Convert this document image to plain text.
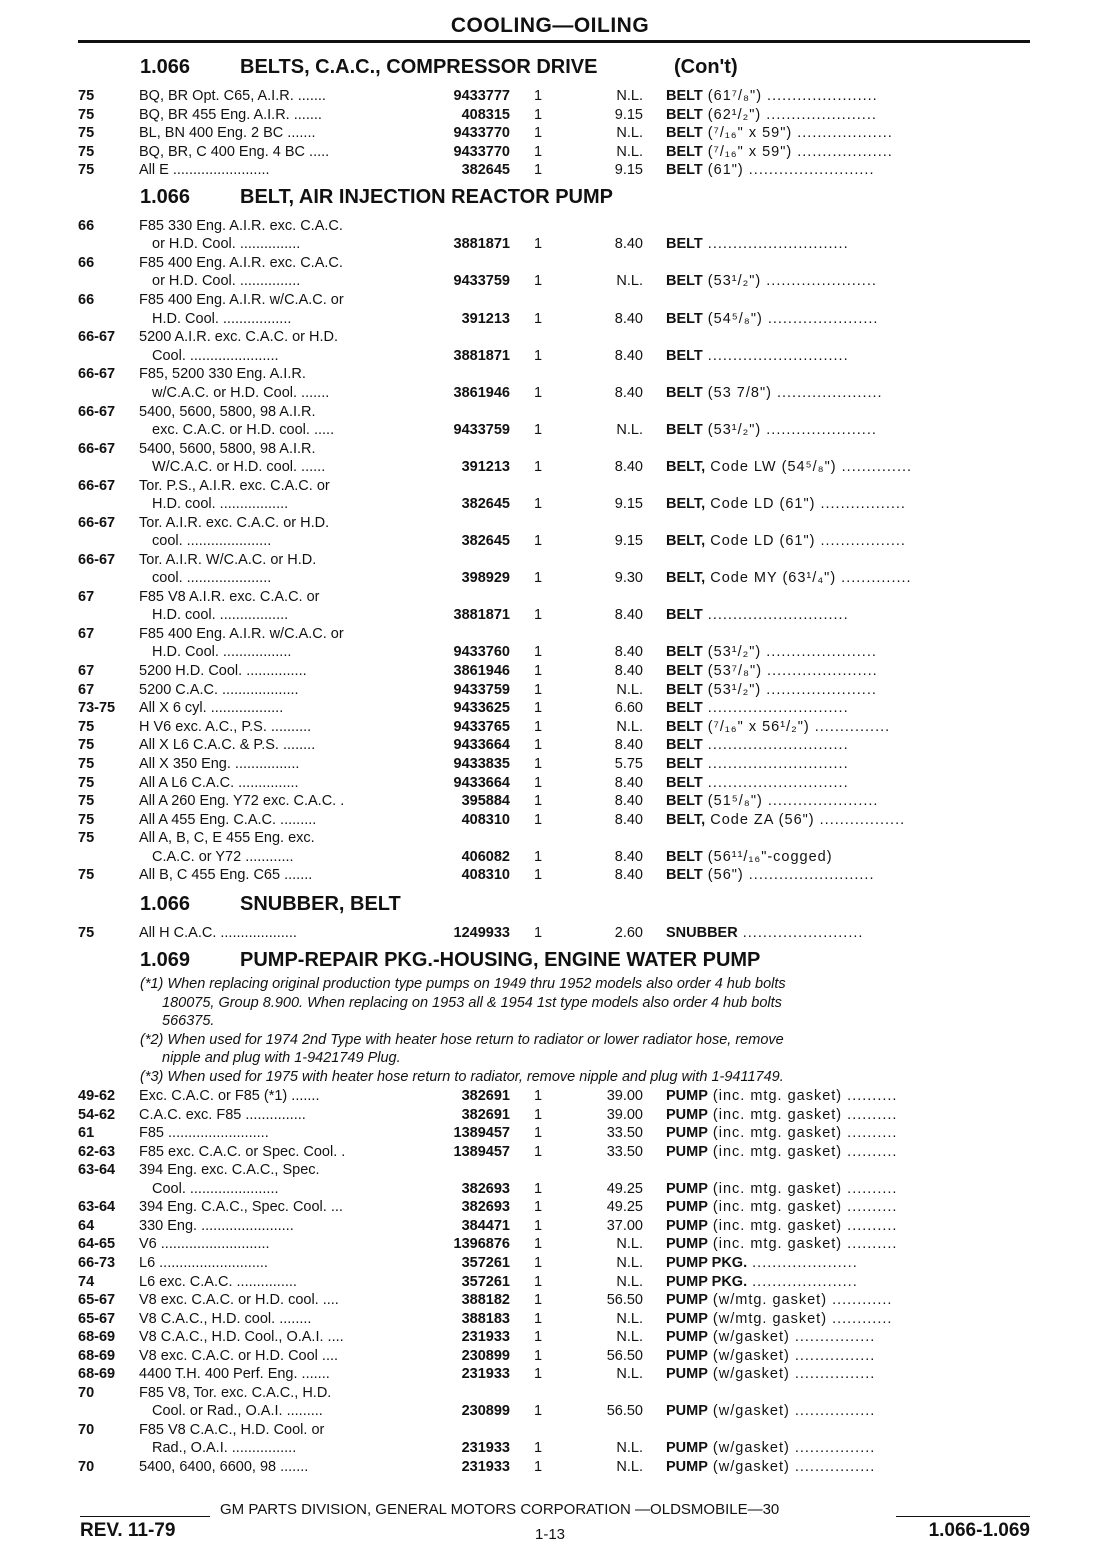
COOLING—OILING
1.066 BELTS, C.A.C., COMPRESSOR DRIVE	(Con't)
75	BQ, BR Opt. C65, A.I.R. .......	9433777 1	N.L. BELT (61⁷/₈") ......................
75	BQ, BR 455 Eng. A.I.R. .......	408315 1	9.15 BELT (62¹/₂") ......................
75	BL, BN 400 Eng. 2 BC .......	9433770 1	N.L. BELT (⁷/₁₆" x 59") ...................
75	BQ, BR, C 400 Eng. 4 BC .....	9433770 1	N.L. BELT (⁷/₁₆" x 59") ...................
75	All E ........................	382645 1	9.15 BELT (61") .........................
1.066 BELT, AIR INJECTION REACTOR PUMP
66	F85 330 Eng. A.I.R. exc. C.A.C.
or H.D. Cool. ...............	3881871 1	8.40 BELT ............................
66	F85 400 Eng. A.I.R. exc. C.A.C.
or H.D. Cool. ...............	9433759 1	N.L. BELT (53¹/₂") ......................
66	F85 400 Eng. A.I.R. w/C.A.C. or
H.D. Cool. .................	391213 1	8.40 BELT (54⁵/₈") ......................
66-67 5200 A.I.R. exc. C.A.C. or H.D.
Cool. ......................	3881871 1	8.40 BELT ............................
66-67 F85, 5200 330 Eng. A.I.R.
w/C.A.C. or H.D. Cool. .......	3861946 1	8.40 BELT (53 7/8") .....................
66-67 5400, 5600, 5800, 98 A.I.R.
exc. C.A.C. or H.D. cool. .....	9433759 1	N.L. BELT (53¹/₂") ......................
66-67 5400, 5600, 5800, 98 A.I.R.
W/C.A.C. or H.D. cool. ......	391213 1	8.40 BELT, Code LW (54⁵/₈") ..............
66-67 Tor. P.S., A.I.R. exc. C.A.C. or
H.D. cool. .................	382645 1	9.15 BELT, Code LD (61") .................
66-67 Tor. A.I.R. exc. C.A.C. or H.D.
cool. .....................	382645 1	9.15 BELT, Code LD (61") .................
66-67 Tor. A.I.R. W/C.A.C. or H.D.
cool. .....................	398929 1	9.30 BELT, Code MY (63¹/₄") ..............
67	F85 V8 A.I.R. exc. C.A.C. or
H.D. cool. .................	3881871 1	8.40 BELT ............................
67	F85 400 Eng. A.I.R. w/C.A.C. or
H.D. Cool. .................	9433760 1	8.40 BELT (53¹/₂") ......................
67	5200 H.D. Cool. ...............	3861946 1	8.40 BELT (53⁷/₈") ......................
67	5200 C.A.C. ...................	9433759 1	N.L. BELT (53¹/₂") ......................
73-75 All X 6 cyl. ..................	9433625 1	6.60 BELT ............................
75	H V6 exc. A.C., P.S. ..........	9433765 1	N.L. BELT (⁷/₁₆" x 56¹/₂") ...............
75	All X L6 C.A.C. & P.S. ........	9433664 1	8.40 BELT ............................
75	All X 350 Eng. ................	9433835 1	5.75 BELT ............................
75	All A L6 C.A.C. ...............	9433664 1	8.40 BELT ............................
75	All A 260 Eng. Y72 exc. C.A.C. .	395884 1	8.40 BELT (51⁵/₈") ......................
75	All A 455 Eng. C.A.C. .........	408310 1	8.40 BELT, Code ZA (56") .................
75	All A, B, C, E 455 Eng. exc.
C.A.C. or Y72 ............	406082 1	8.40 BELT (56¹¹/₁₆"-cogged)
75	All B, C 455 Eng. C65 .......	408310 1	8.40 BELT (56") .........................
1.066 SNUBBER, BELT
75	All H C.A.C. ...................	1249933 1	2.60 SNUBBER ........................
1.069 PUMP-REPAIR PKG.-HOUSING, ENGINE WATER PUMP
(*1) When replacing original production type pumps on 1949 thru 1952 models also order 4 hub bolts
180075, Group 8.900. When replacing on 1953 all & 1954 1st type models also order 4 hub bolts
566375.
(*2) When used for 1974 2nd Type with heater hose return to radiator or lower radiator hose, remove
nipple and plug with 1-9421749 Plug.
(*3) When used for 1975 with heater hose return to radiator, remove nipple and plug with 1-9411749.
49-62 Exc. C.A.C. or F85 (*1) .......	382691 1	39.00 PUMP (inc. mtg. gasket) ..........
54-62 C.A.C. exc. F85 ...............	382691 1	39.00 PUMP (inc. mtg. gasket) ..........
61	F85 .........................	1389457 1	33.50 PUMP (inc. mtg. gasket) ..........
62-63 F85 exc. C.A.C. or Spec. Cool. .	1389457 1	33.50 PUMP (inc. mtg. gasket) ..........
63-64 394 Eng. exc. C.A.C., Spec.
Cool. ......................	382693 1	49.25 PUMP (inc. mtg. gasket) ..........
63-64 394 Eng. C.A.C., Spec. Cool. ...	382693 1	49.25 PUMP (inc. mtg. gasket) ..........
64	330 Eng. .......................	384471 1	37.00 PUMP (inc. mtg. gasket) ..........
64-65 V6 ...........................	1396876 1	N.L. PUMP (inc. mtg. gasket) ..........
66-73 L6 ...........................	357261 1	N.L. PUMP PKG. .....................
74	L6 exc. C.A.C. ...............	357261 1	N.L. PUMP PKG. .....................
65-67 V8 exc. C.A.C. or H.D. cool. ....	388182 1	56.50 PUMP (w/mtg. gasket) ............
65-67 V8 C.A.C., H.D. cool. ........	388183 1	N.L. PUMP (w/mtg. gasket) ............
68-69 V8 C.A.C., H.D. Cool., O.A.I. ....	231933 1	N.L. PUMP (w/gasket) ................
68-69 V8 exc. C.A.C. or H.D. Cool ....	230899 1	56.50 PUMP (w/gasket) ................
68-69 4400 T.H. 400 Perf. Eng. .......	231933 1	N.L. PUMP (w/gasket) ................
70	F85 V8, Tor. exc. C.A.C., H.D.
Cool. or Rad., O.A.I. .........	230899 1	56.50 PUMP (w/gasket) ................
70	F85 V8 C.A.C., H.D. Cool. or
Rad., O.A.I. ................	231933 1	N.L. PUMP (w/gasket) ................
70	5400, 6400, 6600, 98 .......	231933 1	N.L. PUMP (w/gasket) ................
GM PARTS DIVISION, GENERAL MOTORS CORPORATION —OLDSMOBILE—30
REV. 11-79	1-13	1.066-1.069
